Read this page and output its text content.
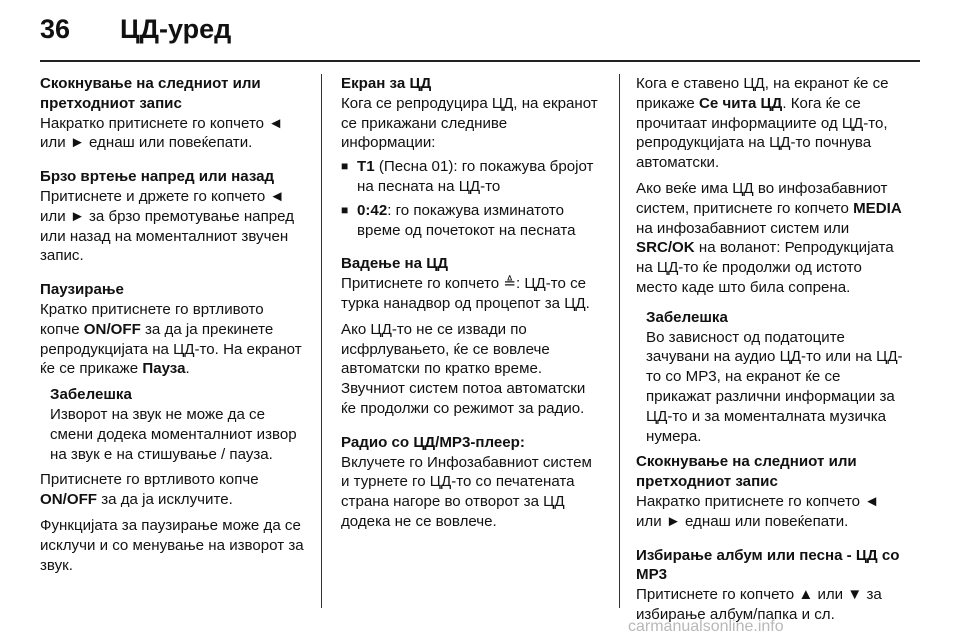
36	ЦД-уред

Скокнување на следниот или претходниот запис

Накратко притиснете го копчето ◄ или ► еднаш или повеќепати.

Брзо вртење напред или назад

Притиснете и држете го копчето ◄ или ► за брзо премотување напред или назад на моменталниот звучен запис.

Паузирање

Кратко притиснете го вртливото копче ON/OFF за да ја прекинете репродукцијата на ЦД-то. На екранот ќе се прикаже Пауза.

Забелешка

Изворот на звук не може да се смени додека моменталниот извор на звук е на стишување / пауза.

Притиснете го вртливото копче ON/OFF за да ја исклучите.

Функцијата за паузирање може да се исклучи и со менување на изворот за звук.

Екран за ЦД

Кога се репродуцира ЦД, на екранот се прикажани следниве информации:

■ T1 (Песна 01): го покажува бројот на песната на ЦД-то
■ 0:42: го покажува изминатото време од почетокот на песната

Вадење на ЦД

Притиснете го копчето ≜: ЦД-то се турка нанадвор од процепот за ЦД.

Ако ЦД-то не се извади по исфрлувањето, ќе се вовлече автоматски по кратко време. Звучниот систем потоа автоматски ќе продолжи со режимот за радио.

Радио со ЦД/МР3-плеер:

Вклучете го Инфозабавниот систем и турнете го ЦД-то со печатената страна нагоре во отворот за ЦД додека не се вовлече.

Кога е ставено ЦД, на екранот ќе се прикаже Се чита ЦД. Кога ќе се прочитаат информациите од ЦД-то, репродукцијата на ЦД-то почнува автоматски.

Ако веќе има ЦД во инфозабавниот систем, притиснете го копчето MEDIA на инфозабавниот систем или SRC/OK на воланот: Репродукцијата на ЦД-то ќе продолжи од истото место каде што била сопрена.

Забелешка

Во зависност од податоците зачувани на аудио ЦД-то или на ЦД-то со МР3, на екранот ќе се прикажат различни информации за ЦД-то и за моменталната музичка нумера.

Скокнување на следниот или претходниот запис

Накратко притиснете го копчето ◄ или ► еднаш или повеќепати.

Избирање албум или песна - ЦД со МР3

Притиснете го копчето ▲ или ▼ за избирање албум/папка и сл.

carmanualsonline.info
